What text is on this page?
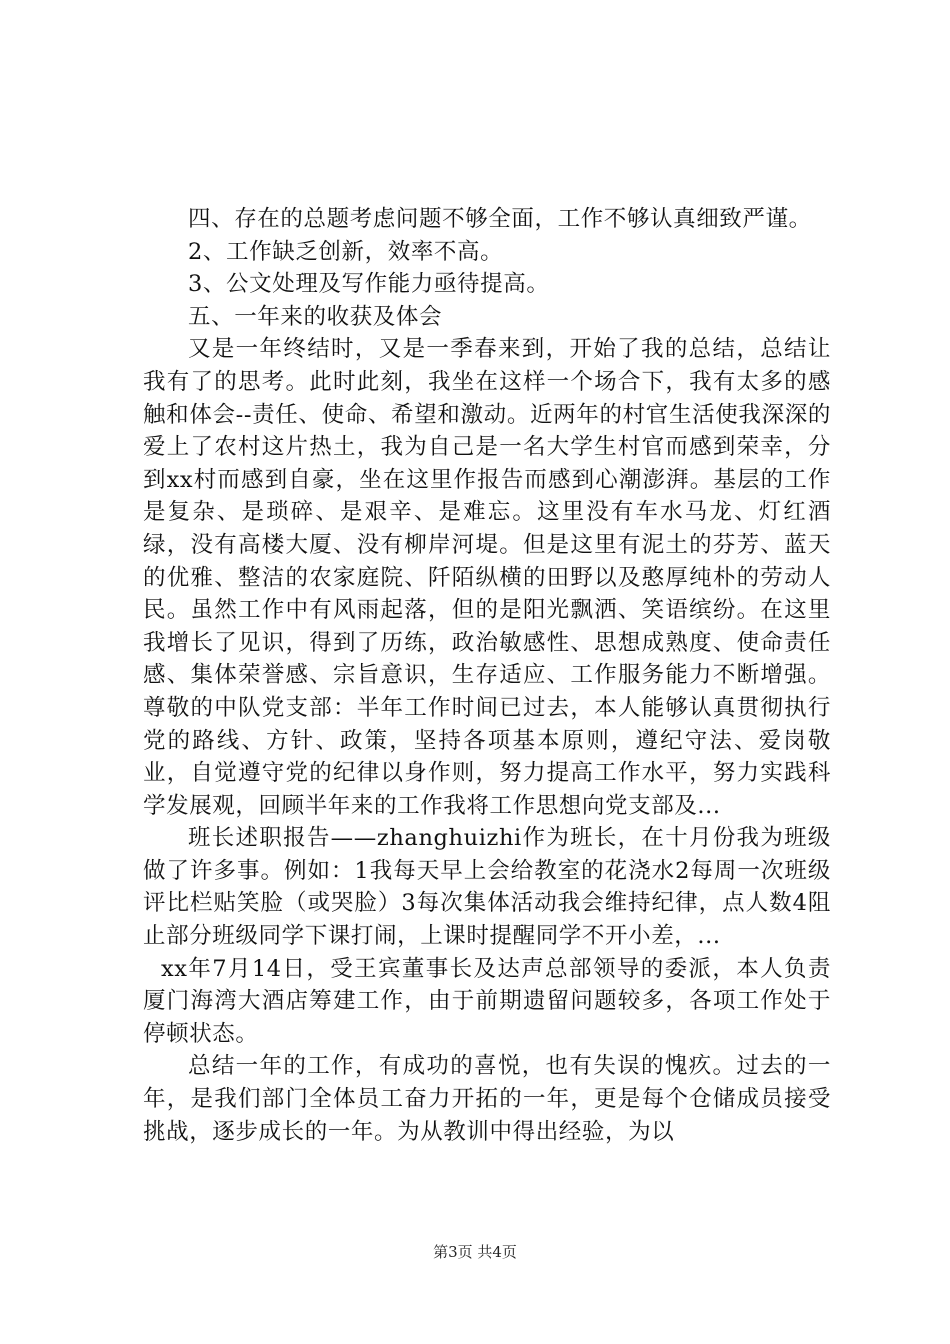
四、存在的总题考虑问题不够全面，工作不够认真细致严谨。

2、工作缺乏创新，效率不高。

3、公文处理及写作能力亟待提高。

五、一年来的收获及体会

又是一年终结时，又是一季春来到，开始了我的总结，总结让我有了的思考。此时此刻，我坐在这样一个场合下，我有太多的感触和体会--责任、使命、希望和激动。近两年的村官生活使我深深的爱上了农村这片热土，我为自己是一名大学生村官而感到荣幸，分到xx村而感到自豪，坐在这里作报告而感到心潮澎湃。基层的工作是复杂、是琐碎、是艰辛、是难忘。这里没有车水马龙、灯红酒绿，没有高楼大厦、没有柳岸河堤。但是这里有泥土的芬芳、蓝天的优雅、整洁的农家庭院、阡陌纵横的田野以及憨厚纯朴的劳动人民。虽然工作中有风雨起落，但的是阳光飘洒、笑语缤纷。在这里我增长了见识，得到了历练，政治敏感性、思想成熟度、使命责任感、集体荣誉感、宗旨意识，生存适应、工作服务能力不断增强。尊敬的中队党支部：半年工作时间已过去，本人能够认真贯彻执行党的路线、方针、政策，坚持各项基本原则，遵纪守法、爱岗敬业，自觉遵守党的纪律以身作则，努力提高工作水平，努力实践科学发展观，回顾半年来的工作我将工作思想向党支部及...

班长述职报告——zhanghuizhi作为班长，在十月份我为班级做了许多事。例如：1我每天早上会给教室的花浇水2每周一次班级评比栏贴笑脸（或哭脸）3每次集体活动我会维持纪律，点人数4阻止部分班级同学下课打闹，上课时提醒同学不开小差，...

xx年7月14日，受王宾董事长及达声总部领导的委派，本人负责厦门海湾大酒店筹建工作，由于前期遗留问题较多，各项工作处于停顿状态。

总结一年的工作，有成功的喜悦，也有失误的愧疚。过去的一年，是我们部门全体员工奋力开拓的一年，更是每个仓储成员接受挑战，逐步成长的一年。为从教训中得出经验，为以

第3页 共4页
